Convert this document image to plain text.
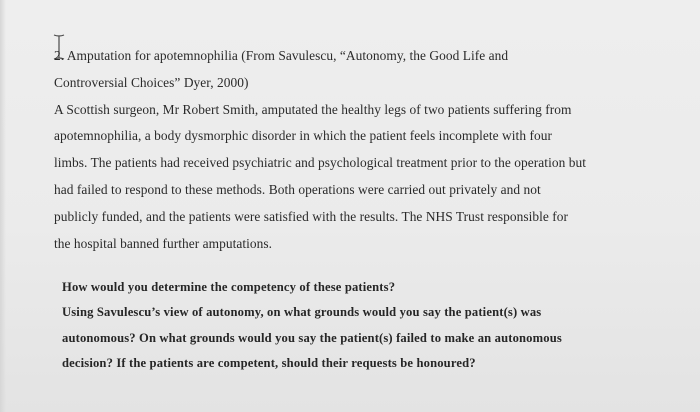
2. Amputation for apotemnophilia (From Savulescu, “Autonomy, the Good Life and
Controversial Choices” Dyer, 2000)
A Scottish surgeon, Mr Robert Smith, amputated the healthy legs of two patients suffering from
apotemnophilia, a body dysmorphic disorder in which the patient feels incomplete with four
limbs. The patients had received psychiatric and psychological treatment prior to the operation but
had failed to respond to these methods. Both operations were carried out privately and not
publicly funded, and the patients were satisfied with the results. The NHS Trust responsible for
the hospital banned further amputations.
How would you determine the competency of these patients?
Using Savulescu’s view of autonomy, on what grounds would you say the patient(s) was
autonomous? On what grounds would you say the patient(s) failed to make an autonomous
decision? If the patients are competent, should their requests be honoured?
